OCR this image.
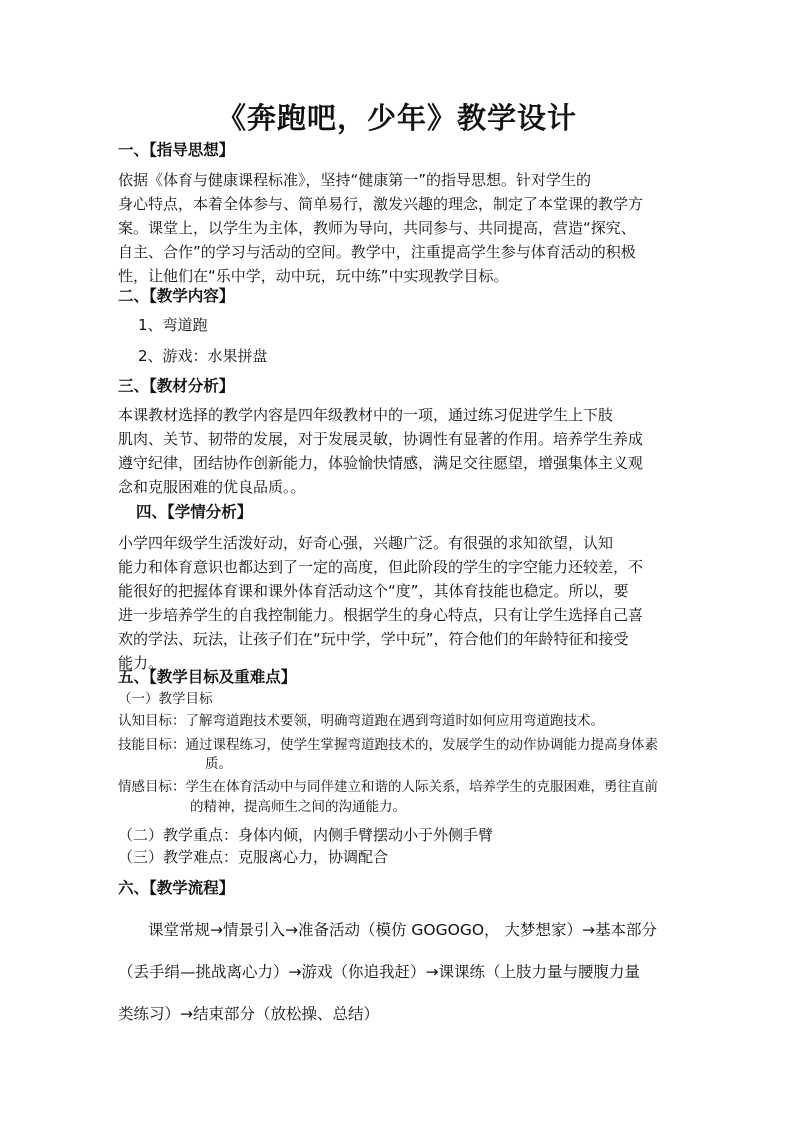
《奔跑吧，少年》教学设计
一、【指导思想】
依据《体育与健康课程标准》，坚持“健康第一”的指导思想。针对学生的
身心特点，本着全体参与、简单易行，激发兴趣的理念，制定了本堂课的教学方
案。课堂上，以学生为主体，教师为导向，共同参与、共同提高，营造“探究、
自主、合作”的学习与活动的空间。教学中，注重提高学生参与体育活动的积极
性，让他们在“乐中学，动中玩，玩中练”中实现教学目标。
二、【教学内容】
1、弯道跑
2、游戏：水果拼盘
三、【教材分析】
本课教材选择的教学内容是四年级教材中的一项，通过练习促进学生上下肢
肌肉、关节、韧带的发展，对于发展灵敏，协调性有显著的作用。培养学生养成
遵守纪律，团结协作创新能力，体验愉快情感，满足交往愿望，增强集体主义观
念和克服困难的优良品质。。
四、【学情分析】
小学四年级学生活泼好动，好奇心强，兴趣广泛。有很强的求知欲望，认知
能力和体育意识也都达到了一定的高度，但此阶段的学生的字空能力还较差，不
能很好的把握体育课和课外体育活动这个“度”，其体育技能也稳定。所以，要
进一步培养学生的自我控制能力。根据学生的身心特点，只有让学生选择自己喜
欢的学法、玩法，让孩子们在“玩中学，学中玩”，符合他们的年龄特征和接受
能力。
五、【教学目标及重难点】
（一）教学目标
认知目标：了解弯道跑技术要领，明确弯道跑在遇到弯道时如何应用弯道跑技术。
技能目标：通过课程练习，使学生掌握弯道跑技术的，发展学生的动作协调能力提高身体素
质。
情感目标：学生在体育活动中与同伴建立和谐的人际关系，培养学生的克服困难，勇往直前
的精神，提高师生之间的沟通能力。
（二）教学重点：身体内倾，内侧手臂摆动小于外侧手臂
（三）教学难点：克服离心力，协调配合
六、【教学流程】
课堂常规→情景引入→准备活动（模仿 GOGOGO， 大梦想家）→基本部分
（丢手绢—挑战离心力）→游戏（你追我赶）→课课练（上肢力量与腰腹力量
类练习）→结束部分（放松操、总结）
